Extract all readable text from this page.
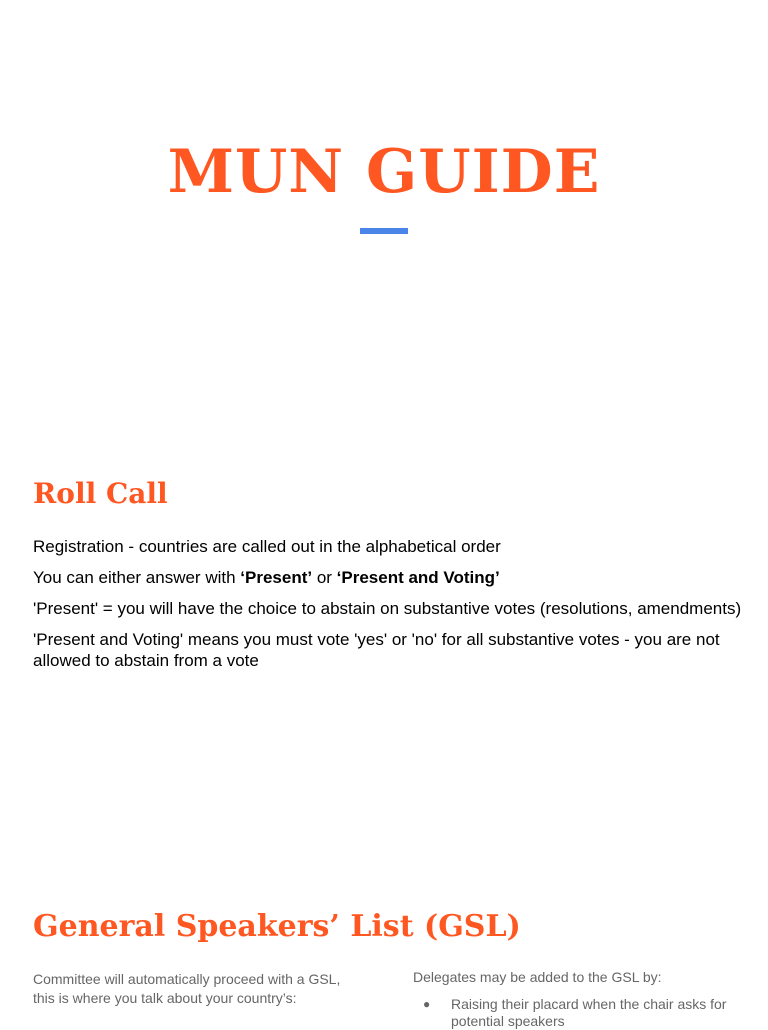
MUN GUIDE
Roll Call

Registration - countries are called out in the alphabetical order

You can either answer with ‘Present’ or ‘Present and Voting’

'Present' = you will have the choice to abstain on substantive votes (resolutions, amendments)

'Present and Voting' means you must vote 'yes' or 'no' for all substantive votes - you are not allowed to abstain from a vote

General Speakers’ List (GSL)

Committee will automatically proceed with a GSL, this is where you talk about your country’s:

Delegates may be added to the GSL by:

● Raising their placard when the chair asks for potential speakers
